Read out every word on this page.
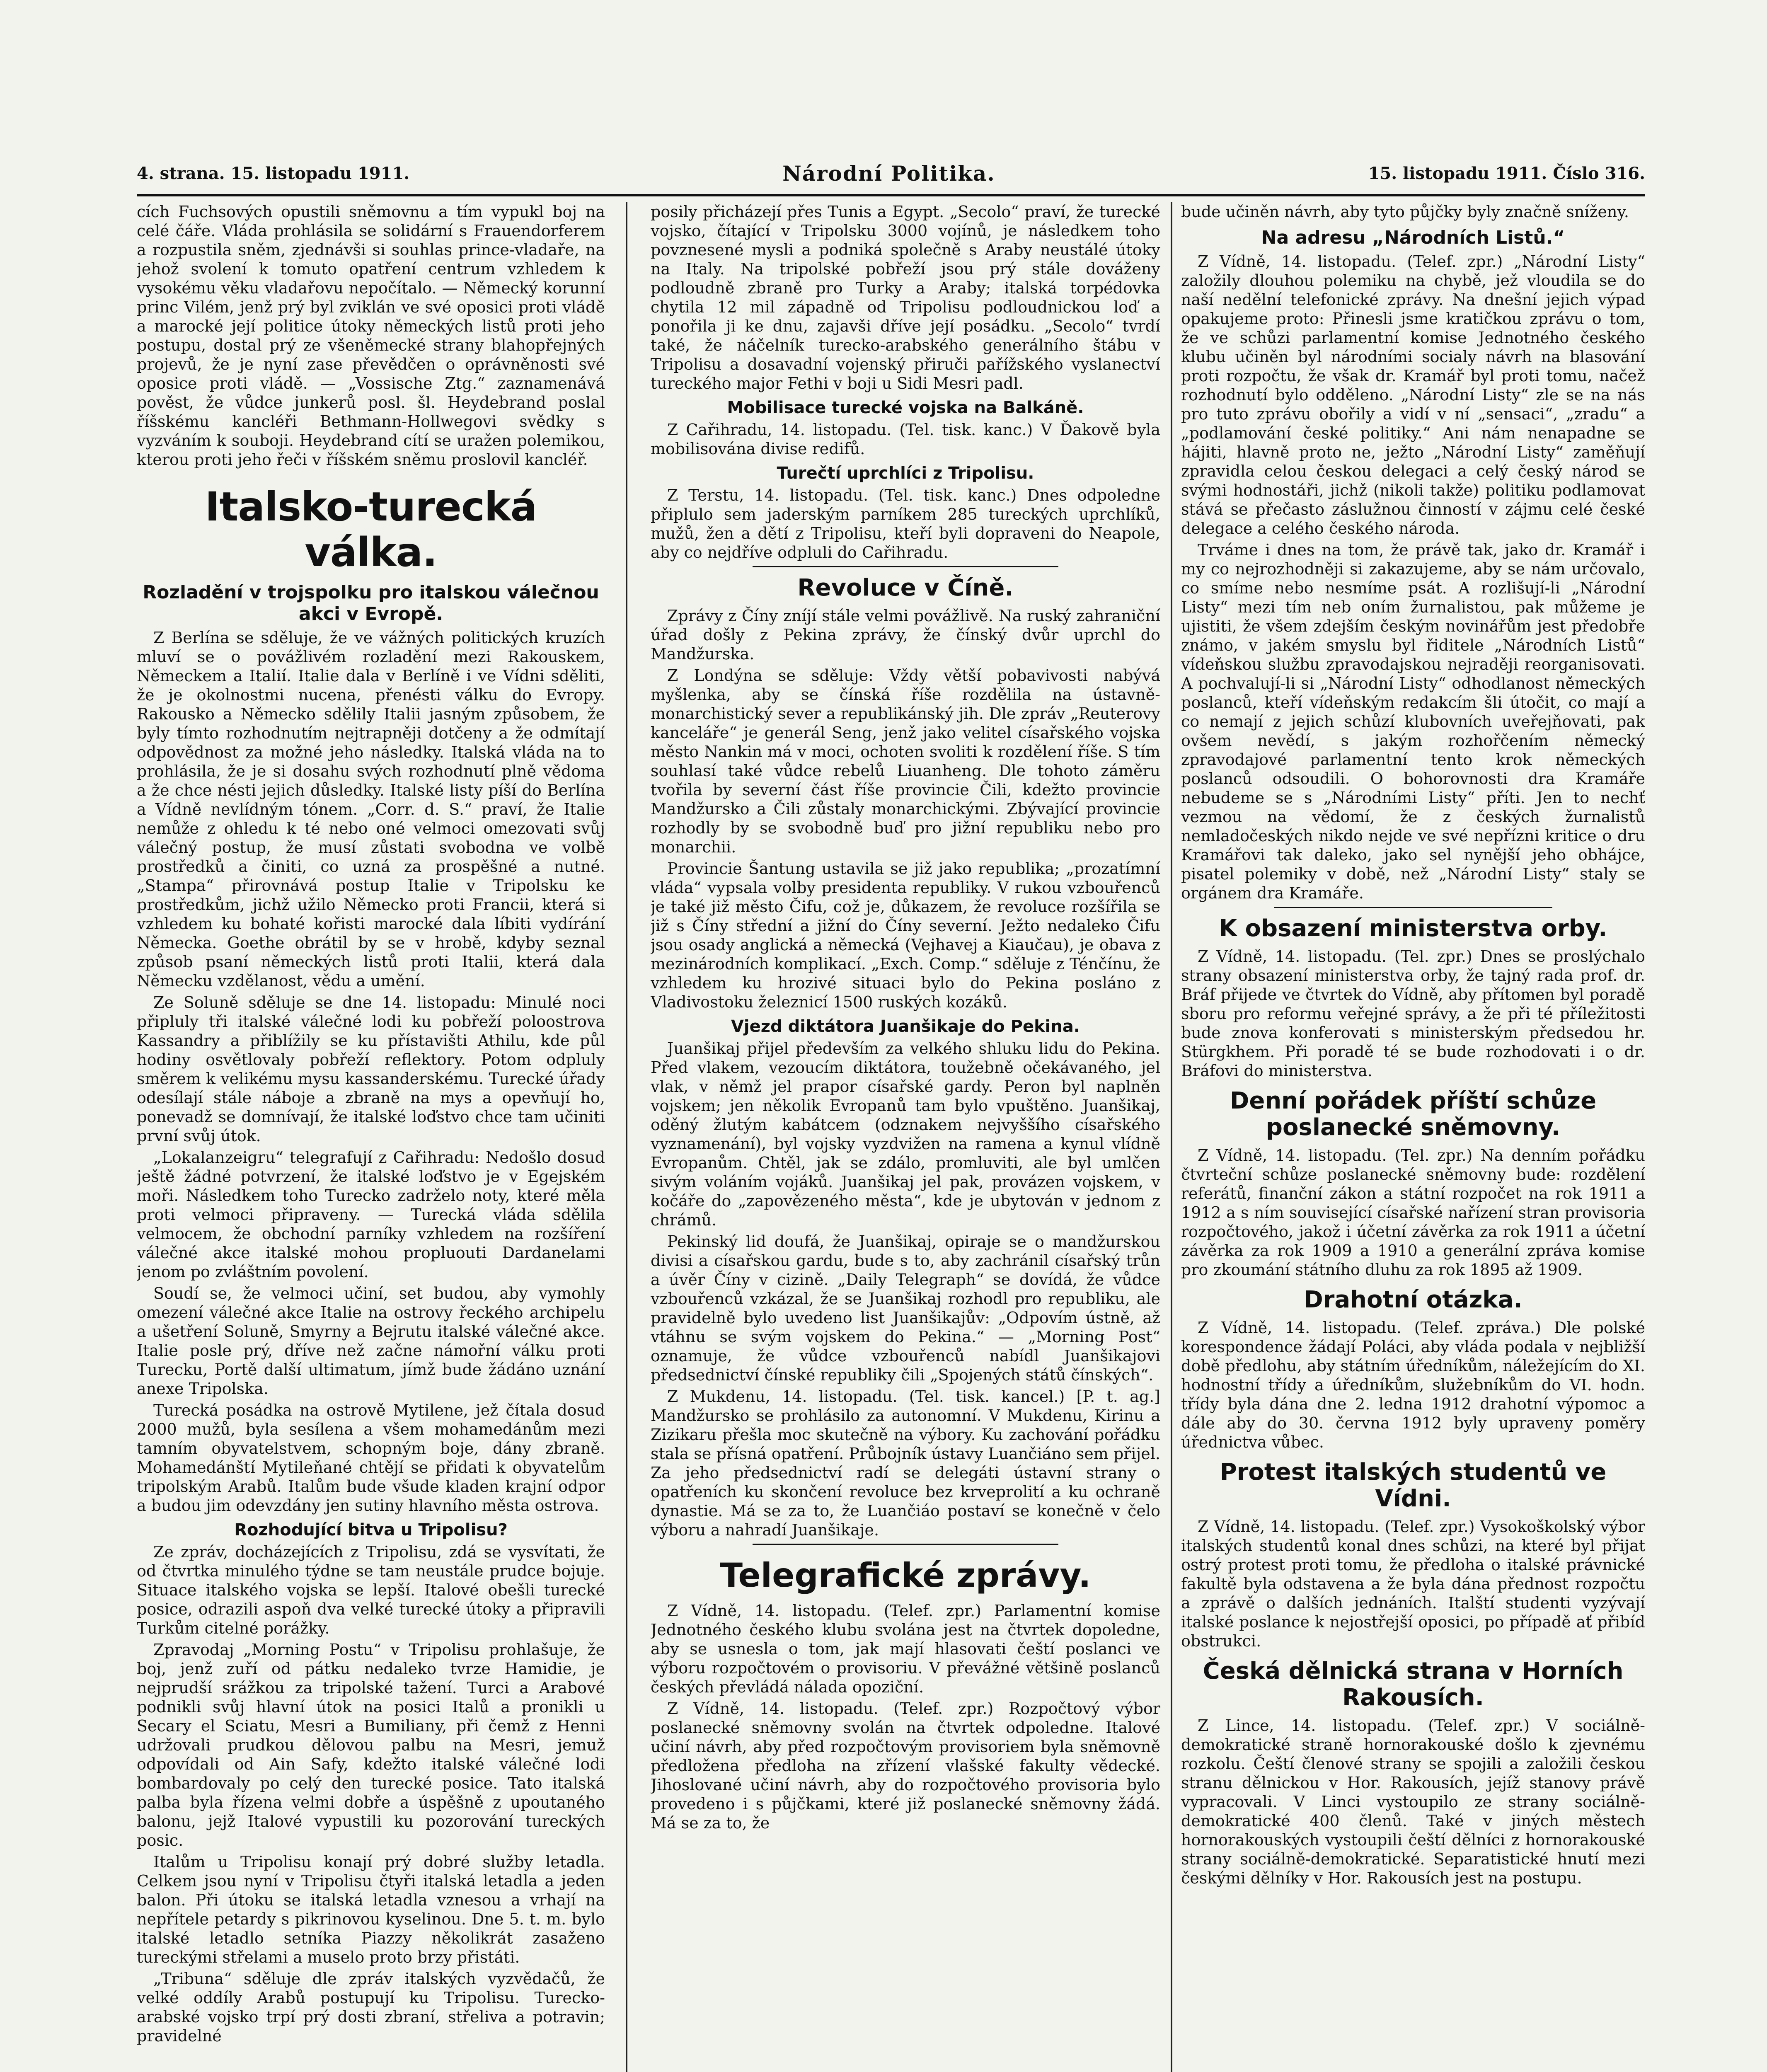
4. strana. 15. listopadu 1911.	Národní Politika.	15. listopadu 1911. Číslo 316.

cích Fuchsových opustili sněmovnu a tím vypukl boj na celé čáře. Vláda prohlásila se solidární s Frauendorferem a rozpustila sněm, zjednávši si souhlas prince-vladaře, na jehož svolení k tomuto opatření centrum vzhledem k vysokému věku vladařovu nepočítalo. — Německý korunní princ Vilém, jenž prý byl zviklán ve své oposici proti vládě a marocké její politice útoky německých listů proti jeho postupu, dostal prý ze všeněmecké strany blahopřejných projevů, že je nyní zase převědčen o oprávněnosti své oposice proti vládě. — „Vossische Ztg.“ zaznamenává pověst, že vůdce junkerů posl. šl. Heydebrand poslal říšskému kancléři Bethmann-Hollwegovi svědky s vyzváním k souboji. Heydebrand cítí se uražen polemikou, kterou proti jeho řeči v říšském sněmu proslovil kancléř.

Italsko-turecká válka.
Rozladění v trojspolku pro italskou válečnou akci v Evropě.

Z Berlína se sděluje, že ve vážných politických kruzích mluví se o povážlivém rozladění mezi Rakouskem, Německem a Italií. Italie dala v Berlíně i ve Vídni sděliti, že je okolnostmi nucena, přenésti válku do Evropy. Rakousko a Německo sdělily Italii jasným způsobem, že byly tímto rozhodnutím nejtrapněji dotčeny a že odmítají odpovědnost za možné jeho následky. Italská vláda na to prohlásila, že je si dosahu svých rozhodnutí plně vědoma a že chce nésti jejich důsledky. Italské listy píší do Berlína a Vídně nevlídným tónem. „Corr. d. S.“ praví, že Italie nemůže z ohledu k té nebo oné velmoci omezovati svůj válečný postup, že musí zůstati svobodna ve volbě prostředků a činiti, co uzná za prospěšné a nutné. „Stampa“ přirovnává postup Italie v Tripolsku ke prostředkům, jichž užilo Německo proti Francii, která si vzhledem ku bohaté kořisti marocké dala líbiti vydírání Německa. Goethe obrátil by se v hrobě, kdyby seznal způsob psaní německých listů proti Italii, která dala Německu vzdělanost, vědu a umění.

Ze Soluně sděluje se dne 14. listopadu: Minulé noci připluly tři italské válečné lodi ku pobřeží poloostrova Kassandry a přiblížily se ku přístavišti Athilu, kde půl hodiny osvětlovaly pobřeží reflektory. Potom odpluly směrem k velikému mysu kassanderskému. Turecké úřady odesílají stále náboje a zbraně na mys a opevňují ho, ponevadž se domnívají, že italské loďstvo chce tam učiniti první svůj útok.

„Lokalanzeigru“ telegrafují z Cařihradu: Nedošlo dosud ještě žádné potvrzení, že italské loďstvo je v Egejském moři. Následkem toho Turecko zadrželo noty, které měla proti velmoci připraveny. — Turecká vláda sdělila velmocem, že obchodní parníky vzhledem na rozšíření válečné akce italské mohou propluouti Dardanelami jenom po zvláštním povolení.

Soudí se, že velmoci učiní, set budou, aby vymohly omezení válečné akce Italie na ostrovy řeckého archipelu a ušetření Soluně, Smyrny a Bejrutu italské válečné akce. Italie posle prý, dříve než začne námořní válku proti Turecku, Portě další ultimatum, jímž bude žádáno uznání anexe Tripolska.

Turecká posádka na ostrově Mytilene, jež čítala dosud 2000 mužů, byla sesílena a všem mohamedánům mezi tamním obyvatelstvem, schopným boje, dány zbraně. Mohamedánští Mytileňané chtějí se přidati k obyvatelům tripolským Arabů. Italům bude všude kladen krajní odpor a budou jim odevzdány jen sutiny hlavního města ostrova.

Rozhodující bitva u Tripolisu?

Ze zpráv, docházejících z Tripolisu, zdá se vysvítati, že od čtvrtka minulého týdne se tam neustále prudce bojuje. Situace italského vojska se lepší. Italové obešli turecké posice, odrazili aspoň dva velké turecké útoky a připravili Turkům citelné porážky.

Zpravodaj „Morning Postu“ v Tripolisu prohlašuje, že boj, jenž zuří od pátku nedaleko tvrze Hamidie, je nejprudší srážkou za tripolské tažení. Turci a Arabové podnikli svůj hlavní útok na posici Italů a pronikli u Secary el Sciatu, Mesri a Bumiliany, při čemž z Henni udržovali prudkou dělovou palbu na Mesri, jemuž odpovídali od Ain Safy, kdežto italské válečné lodi bombardovaly po celý den turecké posice. Tato italská palba byla řízena velmi dobře a úspěšně z upoutaného balonu, jejž Italové vypustili ku pozorování tureckých posic.

Italům u Tripolisu konají prý dobré služby letadla. Celkem jsou nyní v Tripolisu čtyři italská letadla a jeden balon. Při útoku se italská letadla vznesou a vrhají na nepřítele petardy s pikrinovou kyselinou. Dne 5. t. m. bylo italské letadlo setníka Piazzy několikrát zasaženo tureckými střelami a muselo proto brzy přistáti.

„Tribuna“ sděluje dle zpráv italských vyzvědačů, že velké oddíly Arabů postupují ku Tripolisu. Turecko-arabské vojsko trpí prý dosti zbraní, střeliva a potravin; pravidelné

posily přicházejí přes Tunis a Egypt. „Secolo“ praví, že turecké vojsko, čítající v Tripolsku 3000 vojínů, je následkem toho povznesené mysli a podniká společně s Araby neustálé útoky na Italy. Na tripolské pobřeží jsou prý stále dováženy podloudně zbraně pro Turky a Araby; italská torpédovka chytila 12 mil západně od Tripolisu podloudnickou loď a ponořila ji ke dnu, zajavši dříve její posádku. „Secolo“ tvrdí také, že náčelník turecko-arabského generálního štábu v Tripolisu a dosavadní vojenský přiruči pařížského vyslanectví tureckého major Fethi v boji u Sidi Mesri padl.

Mobilisace turecké vojska na Balkáně.

Z Cařihradu, 14. listopadu. (Tel. tisk. kanc.) V Ďakově byla mobilisována divise redifů.

Turečtí uprchlíci z Tripolisu.

Z Terstu, 14. listopadu. (Tel. tisk. kanc.) Dnes odpoledne připlulo sem jaderským parníkem 285 tureckých uprchlíků, mužů, žen a dětí z Tripolisu, kteří byli dopraveni do Neapole, aby co nejdříve odpluli do Cařihradu.

Revoluce v Číně.

Zprávy z Číny zníjí stále velmi povážlivě. Na ruský zahraniční úřad došly z Pekina zprávy, že čínský dvůr uprchl do Mandžurska.

Z Londýna se sděluje: Vždy větší pobavivosti nabývá myšlenka, aby se čínská říše rozdělila na ústavně-monarchistický sever a republikánský jih. Dle zpráv „Reuterovy kanceláře“ je generál Seng, jenž jako velitel císařského vojska město Nankin má v moci, ochoten svoliti k rozdělení říše. S tím souhlasí také vůdce rebelů Liuanheng. Dle tohoto záměru tvořila by severní část říše provincie Čili, kdežto provincie Mandžursko a Čili zůstaly monarchickými. Zbývající provincie rozhodly by se svobodně buď pro jižní republiku nebo pro monarchii.

Provincie Šantung ustavila se již jako republika; „prozatímní vláda“ vypsala volby presidenta republiky. V rukou vzbouřenců je také již město Čifu, což je, důkazem, že revoluce rozšířila se již s Číny střední a jižní do Číny severní. Ježto nedaleko Čifu jsou osady anglická a německá (Vejhavej a Kiaučau), je obava z mezinárodních komplikací. „Exch. Comp.“ sděluje z Ténčínu, že vzhledem ku hrozivé situaci bylo do Pekina posláno z Vladivostoku železnicí 1500 ruských kozáků.

Vjezd diktátora Juanšikaje do Pekina.

Juanšikaj přijel především za velkého shluku lidu do Pekina. Před vlakem, vezoucím diktátora, toužebně očekávaného, jel vlak, v němž jel prapor císařské gardy. Peron byl naplněn vojskem; jen několik Evropanů tam bylo vpuštěno. Juanšikaj, oděný žlutým kabátcem (odznakem nejvyššího císařského vyznamenání), byl vojsky vyzdvižen na ramena a kynul vlídně Evropanům. Chtěl, jak se zdálo, promluviti, ale byl umlčen sivým voláním vojáků. Juanšikaj jel pak, provázen vojskem, v kočáře do „zapovězeného města“, kde je ubytován v jednom z chrámů.

Pekinský lid doufá, že Juanšikaj, opiraje se o mandžurskou divisi a císařskou gardu, bude s to, aby zachránil císařský trůn a úvěr Číny v cizině. „Daily Telegraph“ se dovídá, že vůdce vzbouřenců vzkázal, že se Juanšikaj rozhodl pro republiku, ale pravidelně bylo uvedeno list Juanšikajův: „Odpovím ústně, až vtáhnu se svým vojskem do Pekina.“ — „Morning Post“ oznamuje, že vůdce vzbouřenců nabídl Juanšikajovi předsednictví čínské republiky čili „Spojených států čínských“.

Z Mukdenu, 14. listopadu. (Tel. tisk. kancel.) [P. t. ag.] Mandžursko se prohlásilo za autonomní. V Mukdenu, Kirinu a Zizikaru přešla moc skutečně na výbory. Ku zachování pořádku stala se přísná opatření. Průbojník ústavy Luančiáno sem přijel. Za jeho předsednictví radí se delegáti ústavní strany o opatřeních ku skončení revoluce bez krveprolití a ku ochraně dynastie. Má se za to, že Luančiáo postaví se konečně v čelo výboru a nahradí Juanšikaje.

Telegrafické zprávy.

Z Vídně, 14. listopadu. (Telef. zpr.) Parlamentní komise Jednotného českého klubu svolána jest na čtvrtek dopoledne, aby se usnesla o tom, jak mají hlasovati čeští poslanci ve výboru rozpočtovém o provisoriu. V převážné většině poslanců českých převládá nálada opoziční.

Z Vídně, 14. listopadu. (Telef. zpr.) Rozpočtový výbor poslanecké sněmovny svolán na čtvrtek odpoledne. Italové učiní návrh, aby před rozpočtovým provisoriem byla sněmovně předložena předloha na zřízení vlašské fakulty vědecké. Jihoslované učiní návrh, aby do rozpočtového provisoria bylo provedeno i s půjčkami, které již poslanecké sněmovny žádá. Má se za to, že

bude učiněn návrh, aby tyto půjčky byly značně sníženy.

Na adresu „Národních Listů.“

Z Vídně, 14. listopadu. (Telef. zpr.) „Národní Listy“ založily dlouhou polemiku na chybě, jež vloudila se do naší nedělní telefonické zprávy. Na dnešní jejich výpad opakujeme proto: Přinesli jsme kratičkou zprávu o tom, že ve schůzi parlamentní komise Jednotného českého klubu učiněn byl národními socialy návrh na blasování proti rozpočtu, že však dr. Kramář byl proti tomu, načež rozhodnutí bylo odděleno. „Národní Listy“ zle se na nás pro tuto zprávu obořily a vidí v ní „sensaci“, „zradu“ a „podlamování české politiky.“ Ani nám nenapadne se hájiti, hlavně proto ne, ježto „Národní Listy“ zaměňují zpravidla celou českou delegaci a celý český národ se svými hodnostáři, jichž (nikoli takže) politiku podlamovat stává se přečasto záslužnou činností v zájmu celé české delegace a celého českého národa.

Trváme i dnes na tom, že právě tak, jako dr. Kramář i my co nejrozhodněji si zakazujeme, aby se nám určovalo, co smíme nebo nesmíme psát. A rozlišují-li „Národní Listy“ mezi tím neb oním žurnalistou, pak můžeme je ujistiti, že všem zdejším českým novinářům jest předobře známo, v jakém smyslu byl řiditele „Národních Listů“ vídeňskou službu zpravodajskou nejraději reorganisovati. A pochvalují-li si „Národní Listy“ odhodlanost německých poslanců, kteří vídeňským redakcím šli útočit, co mají a co nemají z jejich schůzí klubovních uveřejňovati, pak ovšem nevědí, s jakým rozhořčením německý zpravodajové parlamentní tento krok německých poslanců odsoudili. O bohorovnosti dra Kramáře nebudeme se s „Národními Listy“ příti. Jen to nechť vezmou na vědomí, že z českých žurnalistů nemladočeských nikdo nejde ve své nepřízni kritice o dru Kramářovi tak daleko, jako sel nynější jeho obhájce, pisatel polemiky v době, než „Národní Listy“ staly se orgánem dra Kramáře.

K obsazení ministerstva orby.

Z Vídně, 14. listopadu. (Tel. zpr.) Dnes se proslýchalo strany obsazení ministerstva orby, že tajný rada prof. dr. Bráf přijede ve čtvrtek do Vídně, aby přítomen byl poradě sboru pro reformu veřejné správy, a že při té příležitosti bude znova konferovati s ministerským předsedou hr. Stürgkhem. Při poradě té se bude rozhodovati i o dr. Bráfovi do ministerstva.

Denní pořádek příští schůze poslanecké sněmovny.

Z Vídně, 14. listopadu. (Tel. zpr.) Na denním pořádku čtvrteční schůze poslanecké sněmovny bude: rozdělení referátů, finanční zákon a státní rozpočet na rok 1911 a 1912 a s ním související císařské nařízení stran provisoria rozpočtového, jakož i účetní závěrka za rok 1911 a účetní závěrka za rok 1909 a 1910 a generální zpráva komise pro zkoumání státního dluhu za rok 1895 až 1909.

Drahotní otázka.

Z Vídně, 14. listopadu. (Telef. zpráva.) Dle polské korespondence žádají Poláci, aby vláda podala v nejbližší době předlohu, aby státním úředníkům, náležejícím do XI. hodnostní třídy a úředníkům, služebníkům do VI. hodn. třídy byla dána dne 2. ledna 1912 drahotní výpomoc a dále aby do 30. června 1912 byly upraveny poměry úřednictva vůbec.

Protest italských studentů ve Vídni.

Z Vídně, 14. listopadu. (Telef. zpr.) Vysokoškolský výbor italských studentů konal dnes schůzi, na které byl přijat ostrý protest proti tomu, že předloha o italské právnické fakultě byla odstavena a že byla dána přednost rozpočtu a zprávě o dalších jednáních. Italští studenti vyzývají italské poslance k nejostřejší oposici, po případě ať přibíd obstrukci.

Česká dělnická strana v Horních Rakousích.

Z Lince, 14. listopadu. (Telef. zpr.) V sociálně-demokratické straně hornorakouské došlo k zjevnému rozkolu. Čeští členové strany se spojili a založili českou stranu dělnickou v Hor. Rakousích, jejíž stanovy právě vypracovali. V Linci vystoupilo ze strany sociálně-demokratické 400 členů. Také v jiných městech hornorakouských vystoupili čeští dělníci z hornorakouské strany sociálně-demokratické. Separatistické hnutí mezi českými dělníky v Hor. Rakousích jest na postupu.
